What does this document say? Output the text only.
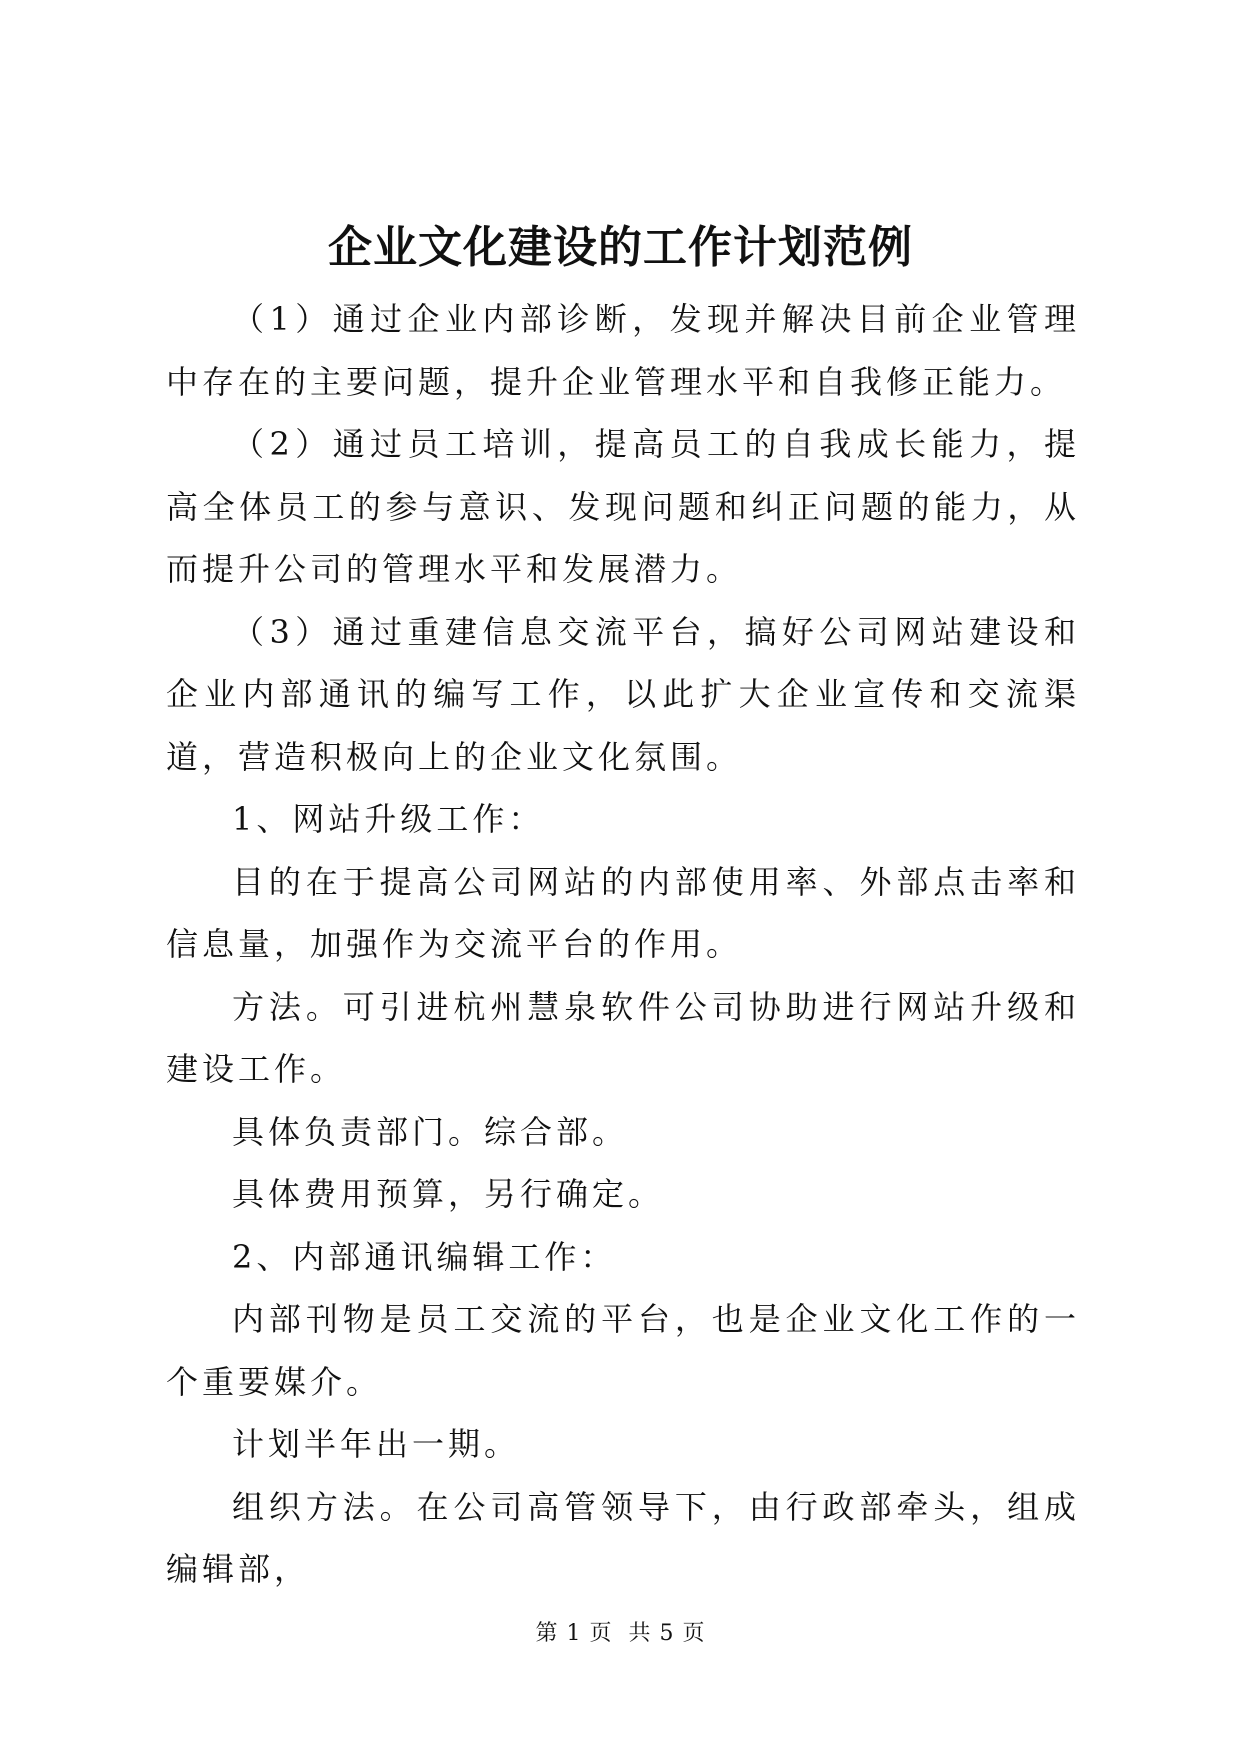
企业文化建设的工作计划范例

（1）通过企业内部诊断，发现并解决目前企业管理中存在的主要问题，提升企业管理水平和自我修正能力。

（2）通过员工培训，提高员工的自我成长能力，提高全体员工的参与意识、发现问题和纠正问题的能力，从而提升公司的管理水平和发展潜力。

（3）通过重建信息交流平台，搞好公司网站建设和企业内部通讯的编写工作，以此扩大企业宣传和交流渠道，营造积极向上的企业文化氛围。

1、网站升级工作：

目的在于提高公司网站的内部使用率、外部点击率和信息量，加强作为交流平台的作用。

方法。可引进杭州慧泉软件公司协助进行网站升级和建设工作。

具体负责部门。综合部。

具体费用预算，另行确定。

2、内部通讯编辑工作：

内部刊物是员工交流的平台，也是企业文化工作的一个重要媒介。

计划半年出一期。

组织方法。在公司高管领导下，由行政部牵头，组成编辑部，

第 1 页  共 5 页
